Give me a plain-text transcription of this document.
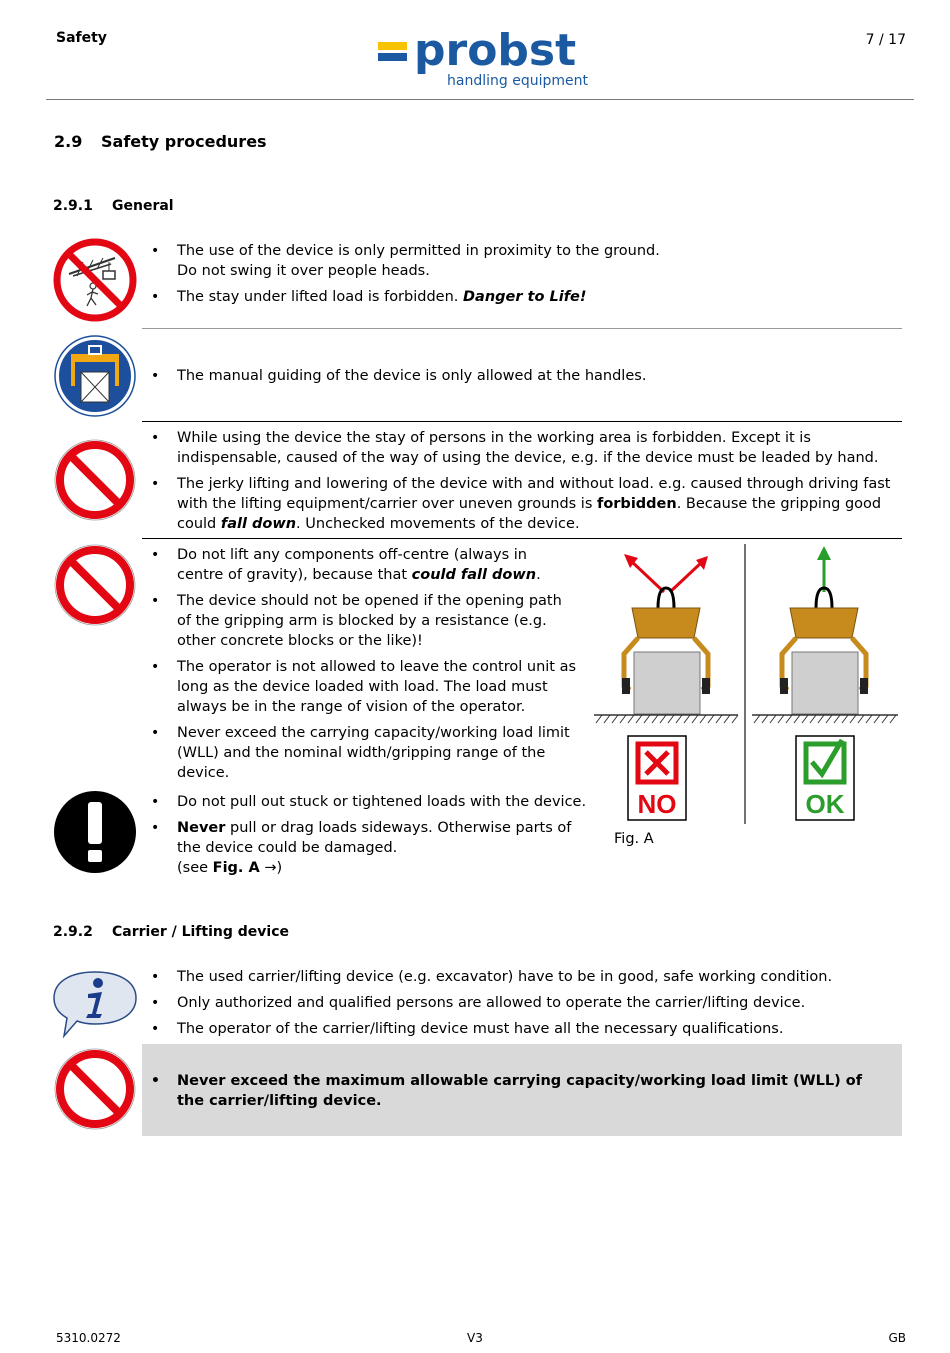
Safety	probst
handling equipment
7 / 17
2.9 Safety procedures
2.9.1 General
• The use of the device is only permitted in proximity to the ground.
Do not swing it over people heads.
• The stay under lifted load is forbidden. Danger to Life!
• The manual guiding of the device is only allowed at the handles.
• While using the device the stay of persons in the working area is forbidden. Except it is indispensable, caused of the way of using the device, e.g. if the device must be leaded by hand.
• The jerky lifting and lowering of the device with and without load. e.g. caused through driving fast with the lifting equipment/carrier over uneven grounds is forbidden. Because the gripping good could fall down. Unchecked movements of the device.
• Do not lift any components off-centre (always in centre of gravity), because that could fall down.
• The device should not be opened if the opening path of the gripping arm is blocked by a resistance (e.g. other concrete blocks or the like)!
• The operator is not allowed to leave the control unit as long as the device loaded with load. The load must always be in the range of vision of the operator.
• Never exceed the carrying capacity/working load limit (WLL) and the nominal width/gripping range of the device.
• Do not pull out stuck or tightened loads with the device.
• Never pull or drag loads sideways. Otherwise parts of the device could be damaged.
(see Fig. A →)
NO	OK
Fig. A
2.9.2 Carrier / Lifting device
• The used carrier/lifting device (e.g. excavator) have to be in good, safe working condition.
• Only authorized and qualified persons are allowed to operate the carrier/lifting device.
• The operator of the carrier/lifting device must have all the necessary qualifications.
• Never exceed the maximum allowable carrying capacity/working load limit (WLL) of the carrier/lifting device.
5310.0272	V3	GB
